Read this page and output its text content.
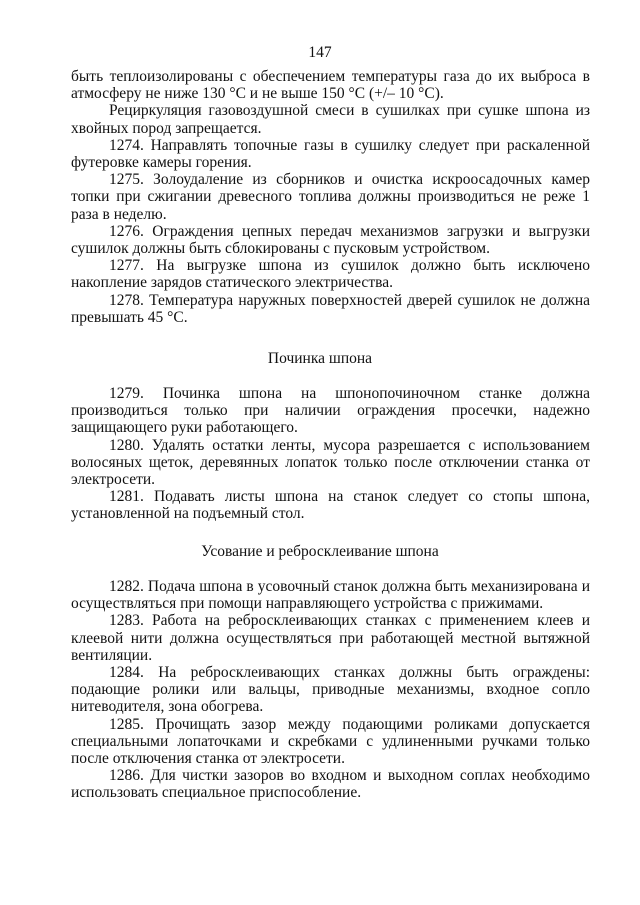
147

быть теплоизолированы с обеспечением температуры газа до их выброса в атмосферу не ниже 130 °С и не выше 150 °С (+/– 10 °С).

Рециркуляция газовоздушной смеси в сушилках при сушке шпона из хвойных пород запрещается.

1274. Направлять топочные газы в сушилку следует при раскаленной футеровке камеры горения.

1275. Золоудаление из сборников и очистка искроосадочных камер топки при сжигании древесного топлива должны производиться не реже 1 раза в неделю.

1276. Ограждения цепных передач механизмов загрузки и выгрузки сушилок должны быть сблокированы с пусковым устройством.

1277. На выгрузке шпона из сушилок должно быть исключено накопление зарядов статического электричества.

1278. Температура наружных поверхностей дверей сушилок не должна превышать 45 °С.

Починка шпона

1279. Починка шпона на шпонопочиночном станке должна производиться только при наличии ограждения просечки, надежно защищающего руки работающего.

1280. Удалять остатки ленты, мусора разрешается с использованием волосяных щеток, деревянных лопаток только после отключении станка от электросети.

1281. Подавать листы шпона на станок следует со стопы шпона, установленной на подъемный стол.

Усование и ребросклеивание шпона

1282. Подача шпона в усовочный станок должна быть механизирована и осуществляться при помощи направляющего устройства с прижимами.

1283. Работа на ребросклеивающих станках с применением клеев и клеевой нити должна осуществляться при работающей местной вытяжной вентиляции.

1284. На ребросклеивающих станках должны быть ограждены: подающие ролики или вальцы, приводные механизмы, входное сопло нитеводителя, зона обогрева.

1285. Прочищать зазор между подающими роликами допускается специальными лопаточками и скребками с удлиненными ручками только после отключения станка от электросети.

1286. Для чистки зазоров во входном и выходном соплах необходимо использовать специальное приспособление.
